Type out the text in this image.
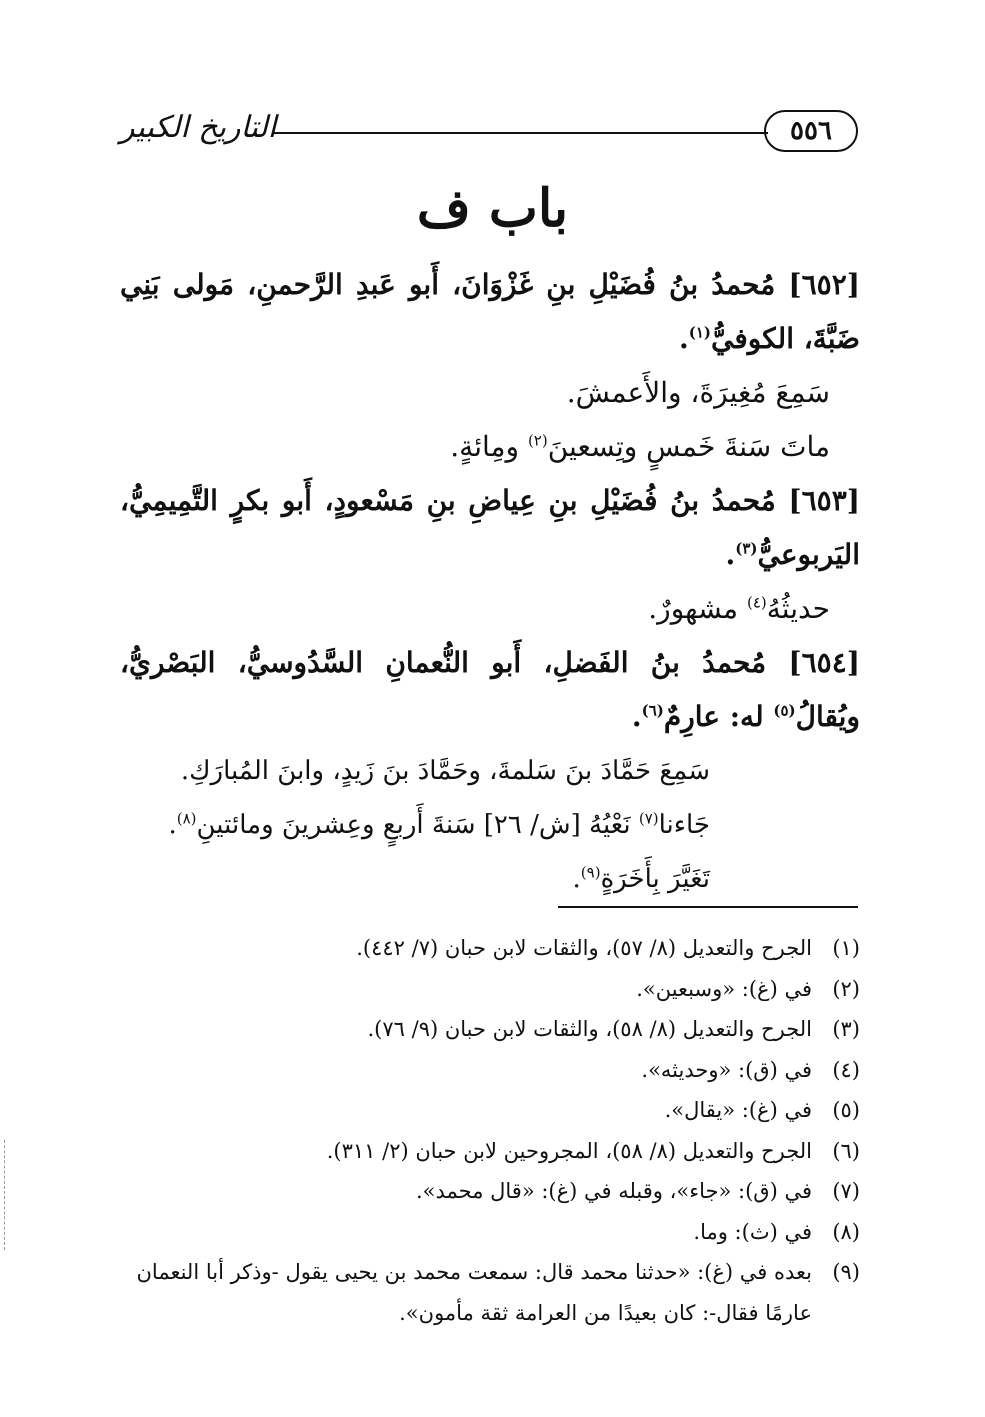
التاريخ الكبير	٥٥٦
باب ف

[٦٥٢] مُحمدُ بنُ فُضَيْلِ بنِ غَزْوَانَ، أَبو عَبدِ الرَّحمنِ، مَولى بَنِي ضَبَّةَ، الكوفيُّ$^{(١)}$.

سَمِعَ مُغِيرَةَ، والأَعمشَ.

ماتَ سَنةَ خَمسٍ وتِسعينَ$^{(٢)}$ ومِائةٍ.

[٦٥٣] مُحمدُ بنُ فُضَيْلِ بنِ عِياضِ بنِ مَسْعودٍ، أَبو بكرٍ التَّمِيمِيُّ، اليَربوعيُّ$^{(٣)}$.

حديثُهُ$^{(٤)}$ مشهورٌ.

[٦٥٤] مُحمدُ بنُ الفَضلِ، أَبو النُّعمانِ السَّدُوسيُّ، البَصْريُّ، ويُقالُ$^{(٥)}$ له: عارِمٌ$^{(٦)}$.

سَمِعَ حَمَّادَ بنَ سَلمةَ، وحَمَّادَ بنَ زَيدٍ، وابنَ المُبارَكِ.

جَاءنا$^{(٧)}$ نَعْيُهُ [ش/ ٢٦] سَنةَ أَربعٍ وعِشرينَ ومائتينِ$^{(٨)}$.

تَغَيَّرَ بِأَخَرَةٍ$^{(٩)}$.

(١)
الجرح والتعديل (٨/ ٥٧)، والثقات لابن حبان (٧/ ٤٤٢).
(٢)
في (غ): «وسبعين».
(٣)
الجرح والتعديل (٨/ ٥٨)، والثقات لابن حبان (٩/ ٧٦).
(٤)
في (ق): «وحديثه».
(٥)
في (غ): «يقال».
(٦)
الجرح والتعديل (٨/ ٥٨)، المجروحين لابن حبان (٢/ ٣١١).
(٧)
في (ق): «جاء»، وقبله في (غ): «قال محمد».
(٨)
في (ث): وما.
(٩)
بعده في (غ): «حدثنا محمد قال: سمعت محمد بن يحيى يقول -وذكر أبا النعمان عارمًا فقال-: كان بعيدًا من العرامة ثقة مأمون».
